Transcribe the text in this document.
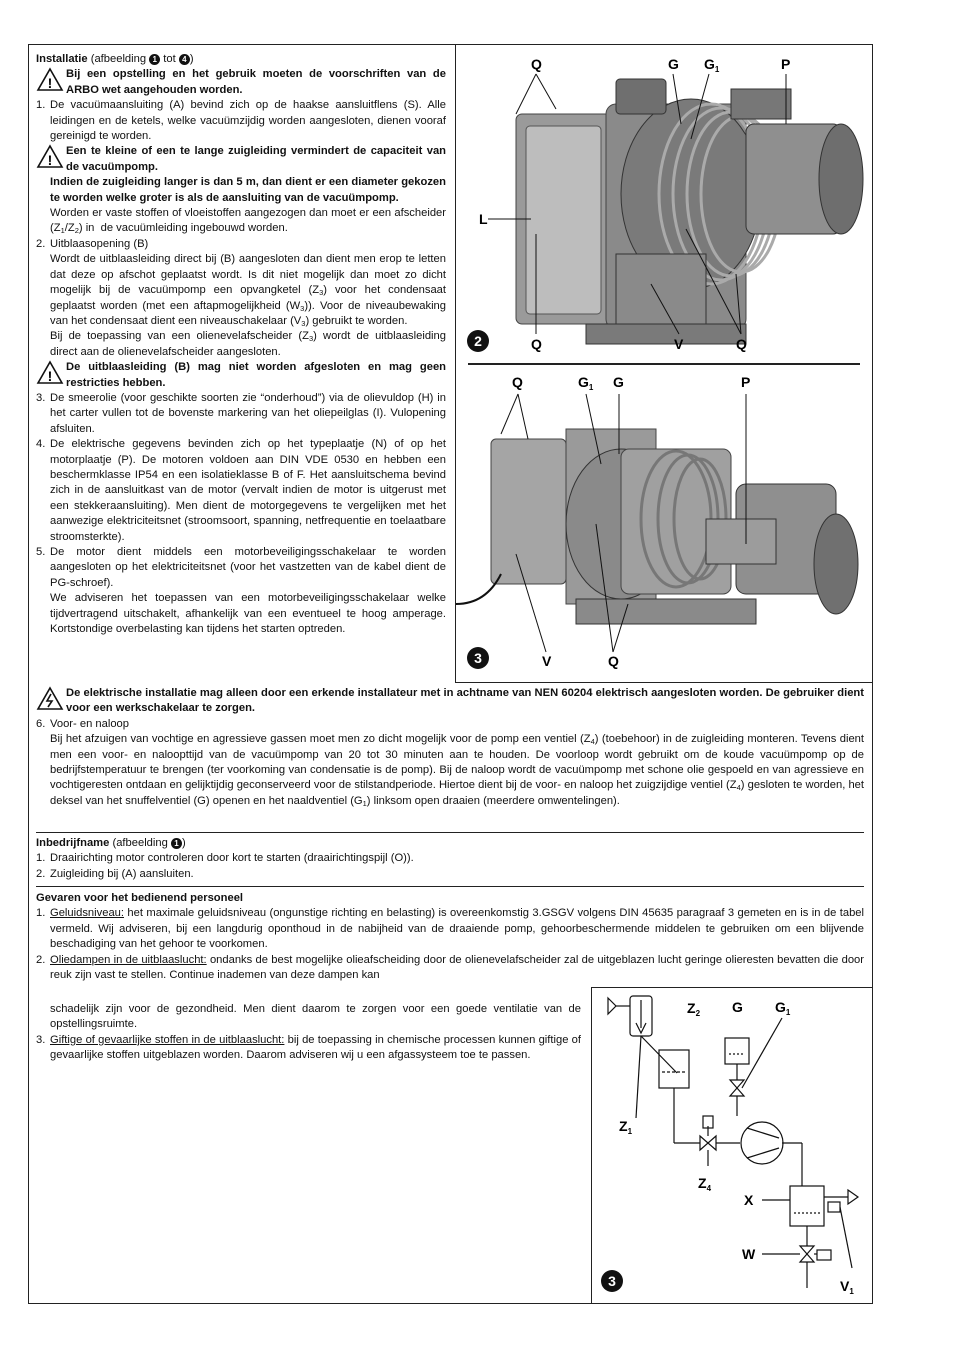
Installatie (afbeelding 1 tot 4 )
!
Bij een opstelling en het gebruik moeten de voorschriften van de ARBO wet aangehouden worden.
1. De vacuümaansluiting (A) bevind zich op de haakse aansluitflens (S). Alle leidingen en de ketels, welke vacuümzijdig worden aangesloten, dienen vooraf gereinigd te worden.
!
Een te kleine of een te lange zuigleiding vermindert de capaciteit van de vacuümpomp.
Indien de zuigleiding langer is dan 5 m, dan dient er een diameter gekozen te worden welke groter is als de aansluiting van de vacuümpomp.
Worden er vaste stoffen of vloeistoffen aangezogen dan moet er een afscheider $(Z_1/Z_2)$ in  de vacuümleiding ingebouwd worden.
2. Uitblaasopening (B)
Wordt de uitblaasleiding direct bij (B) aangesloten dan dient men erop te letten dat deze op afschot geplaatst wordt. Is dit niet mogelijk dan moet zo dicht mogelijk bij de vacuümpomp een opvangketel $(Z_3)$ voor het condensaat geplaatst worden (met een aftapmogelijkheid $(W_3)$). Voor de niveaubewaking van het condensaat dient een niveauschakelaar $(V_3)$ gebruikt te worden.
Bij de toepassing van een olienevelafscheider $(Z_3)$ wordt de uitblaasleiding direct aan de olienevelafscheider aangesloten.
!
De uitblaasleiding (B) mag niet worden afgesloten en mag geen restricties hebben.
3. De smeerolie (voor geschikte soorten zie “onderhoud”) via de olievuldop (H) in het carter vullen tot de bovenste markering van het oliepeilglas (I). Vulopening afsluiten.
4. De elektrische gegevens bevinden zich op het typeplaatje (N) of op het motorplaatje (P). De motoren voldoen aan DIN VDE 0530 en hebben een beschermklasse IP54 en een isolatieklasse B of F. Het aansluitschema bevind zich in de aansluitkast van de motor (vervalt indien de motor is uitgerust met een stekkeraansluiting). Men dient de motorgegevens te vergelijken met het aanwezige elektriciteitsnet (stroomsoort, spanning, netfrequentie en toelaatbare stroomsterkte).
5. De motor dient middels een motorbeveiligingsschakelaar te worden aangesloten op het elektriciteitsnet (voor het vastzetten van de kabel dient de PG-schroef).
We adviseren het toepassen van een motorbeveiligingsschakelaar welke tijdvertragend uitschakelt, afhankelijk van een eventueel te hoog amperage. Kortstondige overbelasting kan tijdens het starten optreden.
Q	G $G_1$	P
L
Q	V	Q
2
Q	$G_1$ G	P
V	Q
3
De elektrische installatie mag alleen door een erkende installateur met in achtname van NEN 60204 elektrisch aangesloten worden. De gebruiker dient voor een werkschakelaar te zorgen.
6. Voor- en naloop
Bij het afzuigen van vochtige en agressieve gassen moet men zo dicht mogelijk voor de pomp een ventiel $(Z_4)$ (toebehoor) in de zuigleiding monteren. Tevens dient men een voor- en naloopttijd van de vacuümpomp van 20 tot 30 minuten aan te houden. De voorloop wordt gebruikt om de koude vacuümpomp op de bedrijfstemperatuur te brengen (ter voorkoming van condensatie is de pomp). Bij de naloop wordt de vacuümpomp met schone olie gespoeld en van agressieve en vochtigeresten ontdaan en gelijktijdig geconserveerd voor de stilstandperiode. Hiertoe dient bij de voor- en naloop het zuigzijdige ventiel $(Z_4)$ gesloten te worden, het deksel van het snuffelventiel (G) openen en het naaldventiel $(G_1)$ linksom open draaien (meerdere omwentelingen).
Inbedrijfname (afbeelding 1 )
1. Draairichting motor controleren door kort te starten (draairichtingspijl (O)).
2. Zuigleiding bij (A) aansluiten.
Gevaren voor het bedienend personeel
1. Geluidsniveau: het maximale geluidsniveau (ongunstige richting en belasting) is overeenkomstig 3.GSGV volgens DIN 45635 paragraaf 3 gemeten en is in de tabel vermeld. Wij adviseren, bij een langdurig oponthoud in de nabijheid van de draaiende pomp, gehoorbeschermende middelen te gebruiken om een blijvende beschadiging van het gehoor te voorkomen.
2. Oliedampen in de uitblaaslucht: ondanks de best mogelijke olieafscheiding door de olienevelafscheider zal de uitgeblazen lucht geringe olieresten bevatten die door reuk zijn vast te stellen. Continue inademen van deze dampen kan
schadelijk zijn voor de gezondheid. Men dient daarom te zorgen voor een goede ventilatie van de opstellingsruimte.
3. Giftige of gevaarlijke stoffen in de uitblaaslucht: bij de toepassing in chemische processen kunnen giftige of gevaarlijke stoffen uitgeblazen worden. Daarom adviseren wij u een afgassysteem toe te passen.
$Z_2$ G $G_1$
$Z_1$
$Z_4$
X
W
$V_1$
3
